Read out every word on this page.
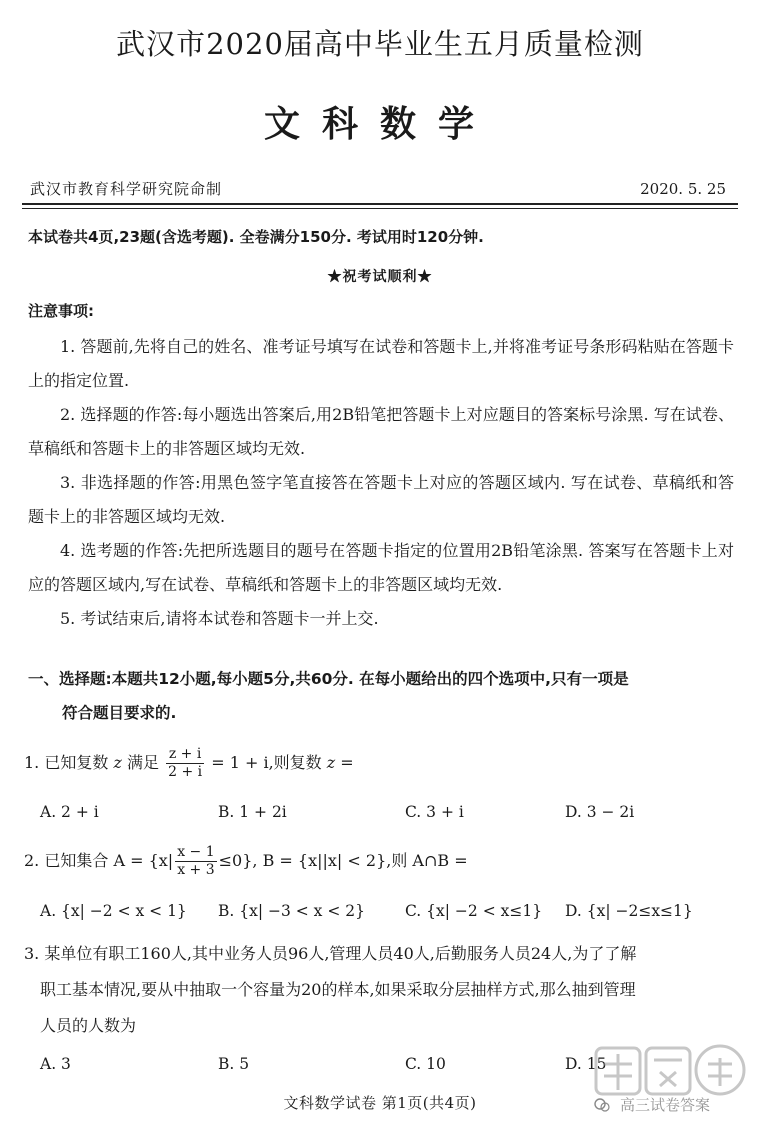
武汉市2020届高中毕业生五月质量检测
文科数学
武汉市教育科学研究院命制	2020. 5. 25
本试卷共4页,23题(含选考题). 全卷满分150分. 考试用时120分钟.
★祝考试顺利★
注意事项:

1. 答题前,先将自己的姓名、准考证号填写在试卷和答题卡上,并将准考证号条形码粘贴在答题卡上的指定位置.

2. 选择题的作答:每小题选出答案后,用2B铅笔把答题卡上对应题目的答案标号涂黑. 写在试卷、草稿纸和答题卡上的非答题区域均无效.

3. 非选择题的作答:用黑色签字笔直接答在答题卡上对应的答题区域内. 写在试卷、草稿纸和答题卡上的非答题区域均无效.

4. 选考题的作答:先把所选题目的题号在答题卡指定的位置用2B铅笔涂黑. 答案写在答题卡上对应的答题区域内,写在试卷、草稿纸和答题卡上的非答题区域均无效.

5. 考试结束后,请将本试卷和答题卡一并上交.

一、选择题:本题共12小题,每小题5分,共60分. 在每小题给出的四个选项中,只有一项是
符合题目要求的.
1. 已知复数 z 满足 $\frac{z + i}{2 + i} = 1 + i$,则复数 z =
A. 2 + i	B. 1 + 2i	C. 3 + i	D. 3 − 2i
2. 已知集合 $A = \{x| \frac{x - 1}{x + 3} \le 0\}$, B = {x||x| < 2},则 A∩B =
A. {x| −2 < x < 1} B. {x| −3 < x < 2}	C. {x| −2 < x≤1} D. {x| −2≤x≤1}
3. 某单位有职工160人,其中业务人员96人,管理人员40人,后勤服务人员24人,为了了解
职工基本情况,要从中抽取一个容量为20的样本,如果采取分层抽样方式,那么抽到管理
人员的人数为
A. 3	B. 5	C. 10	D. 15
文科数学试卷 第1页(共4页)	高三试卷答案
